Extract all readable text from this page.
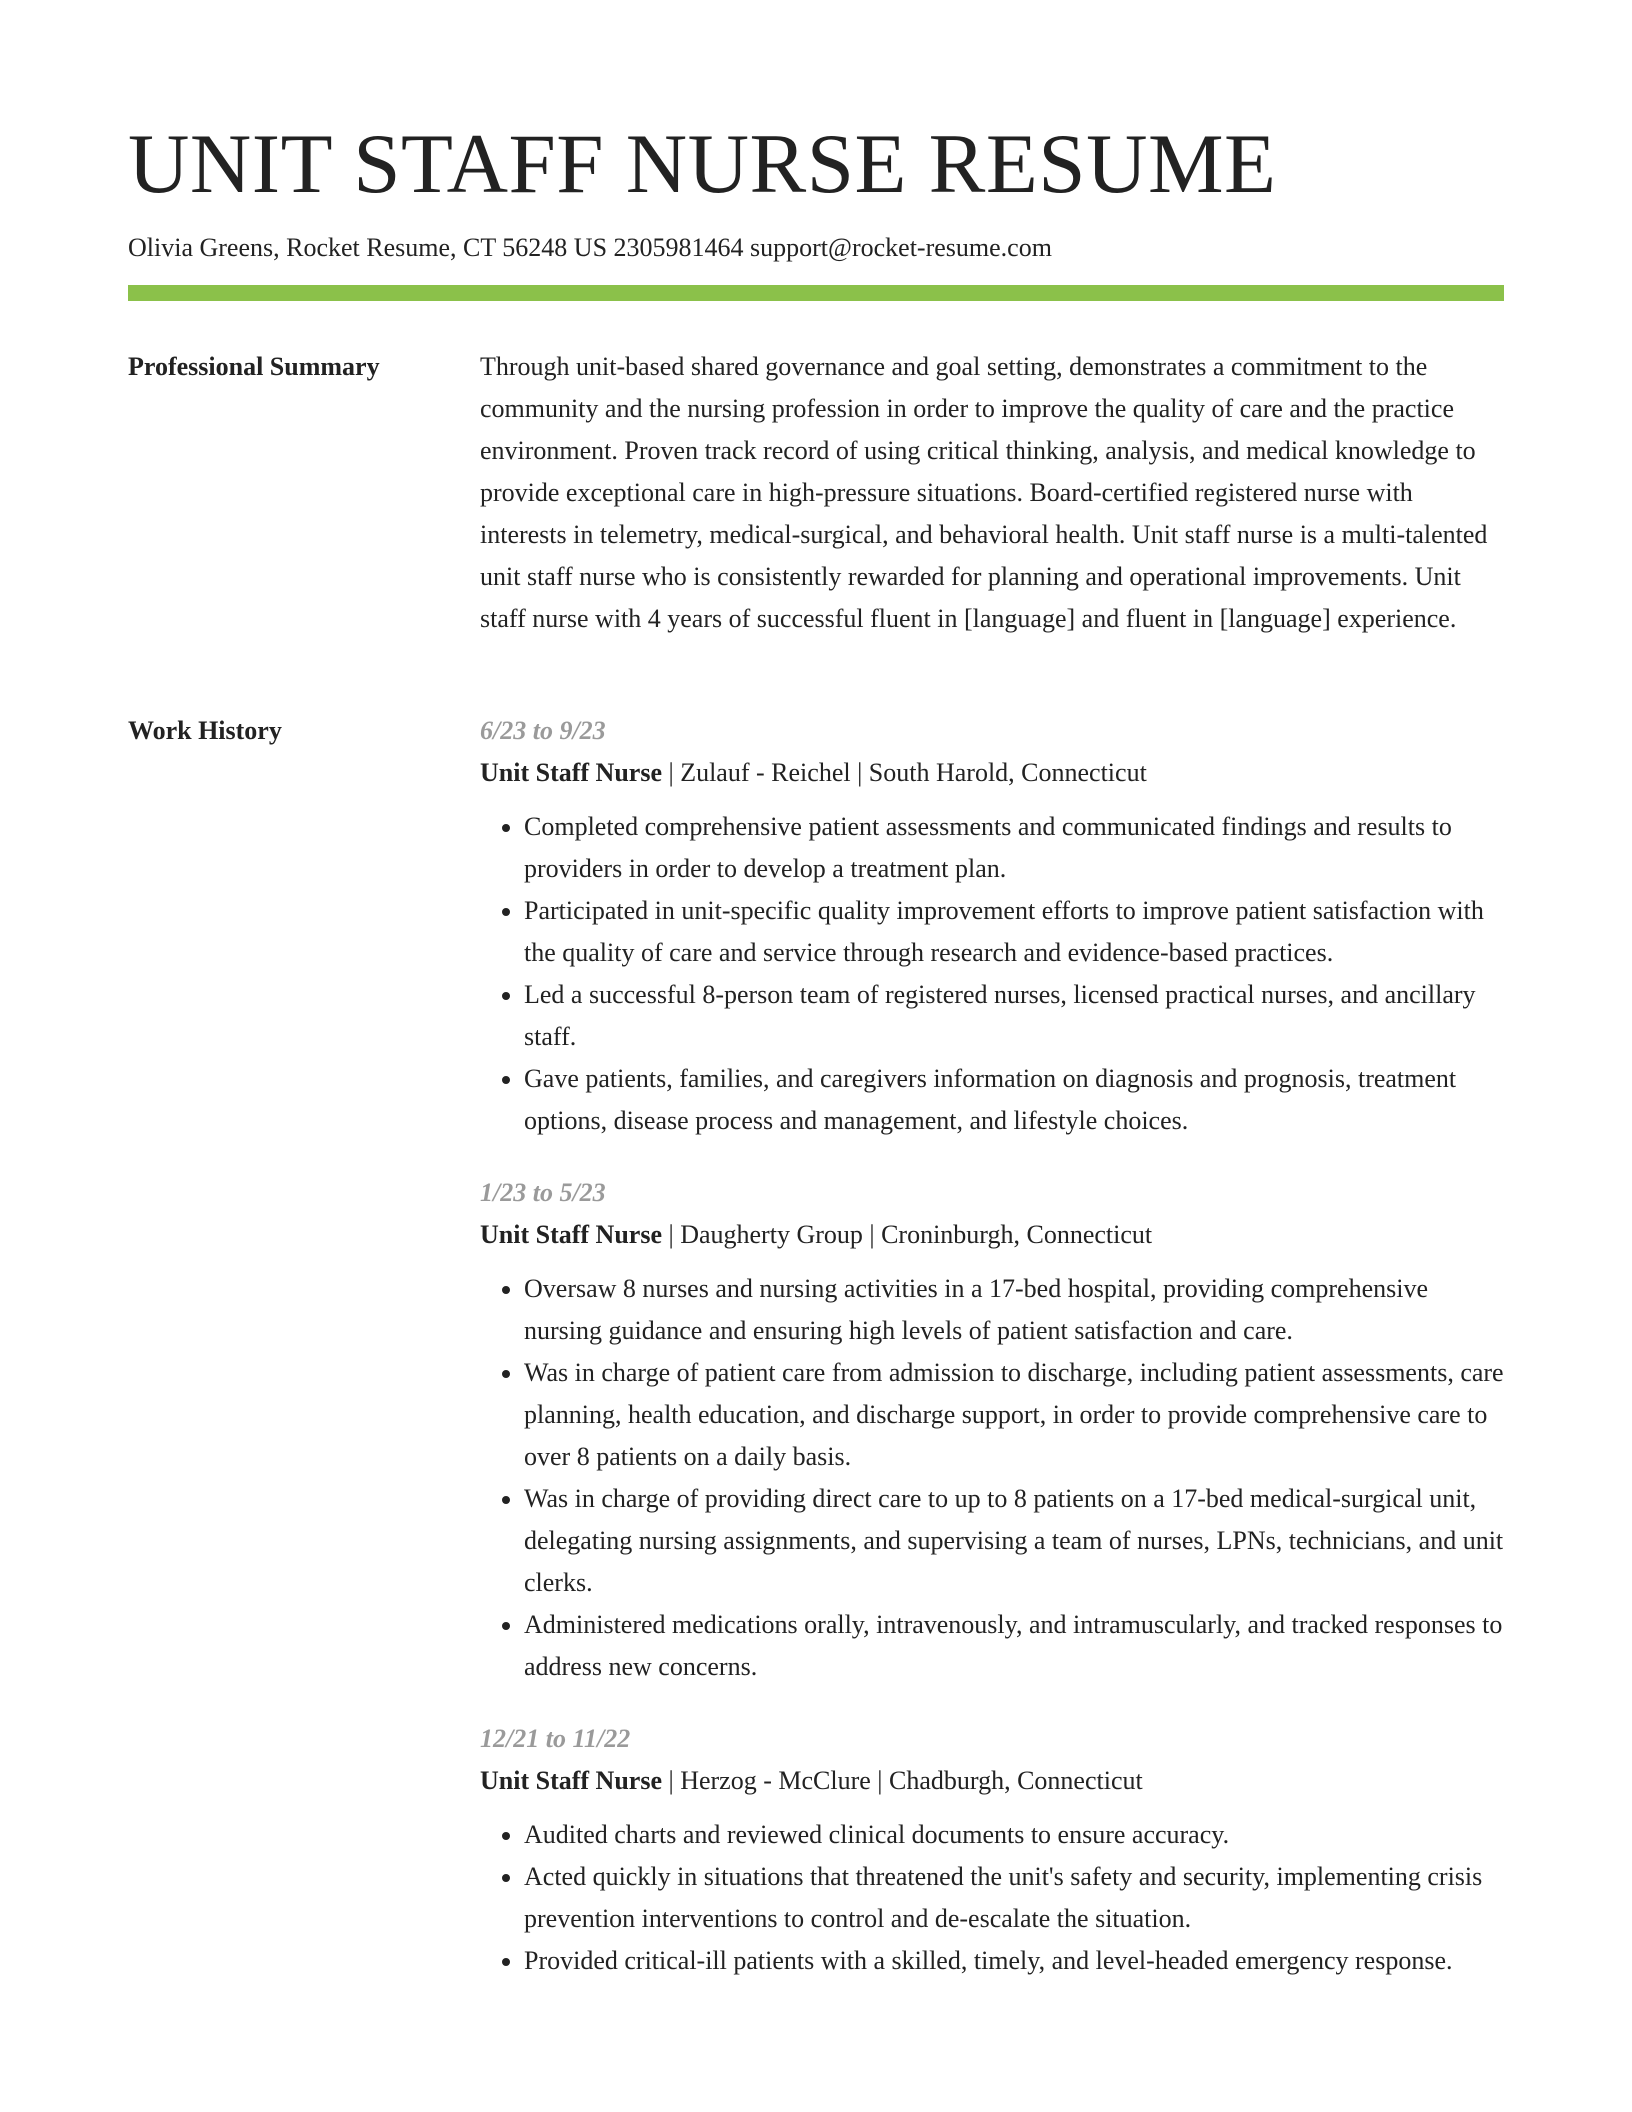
UNIT STAFF NURSE RESUME
Olivia Greens, Rocket Resume, CT 56248 US 2305981464 support@rocket-resume.com
Professional Summary	Through unit-based shared governance and goal setting, demonstrates a commitment to the community and the nursing profession in order to improve the quality of care and the practice environment. Proven track record of using critical thinking, analysis, and medical knowledge to provide exceptional care in high-pressure situations. Board-certified registered nurse with interests in telemetry, medical-surgical, and behavioral health. Unit staff nurse is a multi-talented unit staff nurse who is consistently rewarded for planning and operational improvements. Unit staff nurse with 4 years of successful fluent in [language] and fluent in [language] experience.

Work History	6/23 to 9/23
Unit Staff Nurse | Zulauf - Reichel | South Harold, Connecticut
• Completed comprehensive patient assessments and communicated findings and results to providers in order to develop a treatment plan.
• Participated in unit-specific quality improvement efforts to improve patient satisfaction with the quality of care and service through research and evidence-based practices.
• Led a successful 8-person team of registered nurses, licensed practical nurses, and ancillary staff.
• Gave patients, families, and caregivers information on diagnosis and prognosis, treatment options, disease process and management, and lifestyle choices.
1/23 to 5/23
Unit Staff Nurse | Daugherty Group | Croninburgh, Connecticut
• Oversaw 8 nurses and nursing activities in a 17-bed hospital, providing comprehensive nursing guidance and ensuring high levels of patient satisfaction and care.
• Was in charge of patient care from admission to discharge, including patient assessments, care planning, health education, and discharge support, in order to provide comprehensive care to over 8 patients on a daily basis.
• Was in charge of providing direct care to up to 8 patients on a 17-bed medical-surgical unit, delegating nursing assignments, and supervising a team of nurses, LPNs, technicians, and unit clerks.
• Administered medications orally, intravenously, and intramuscularly, and tracked responses to address new concerns.
12/21 to 11/22
Unit Staff Nurse | Herzog - McClure | Chadburgh, Connecticut
• Audited charts and reviewed clinical documents to ensure accuracy.
• Acted quickly in situations that threatened the unit's safety and security, implementing crisis prevention interventions to control and de-escalate the situation.
• Provided critical-ill patients with a skilled, timely, and level-headed emergency response.
